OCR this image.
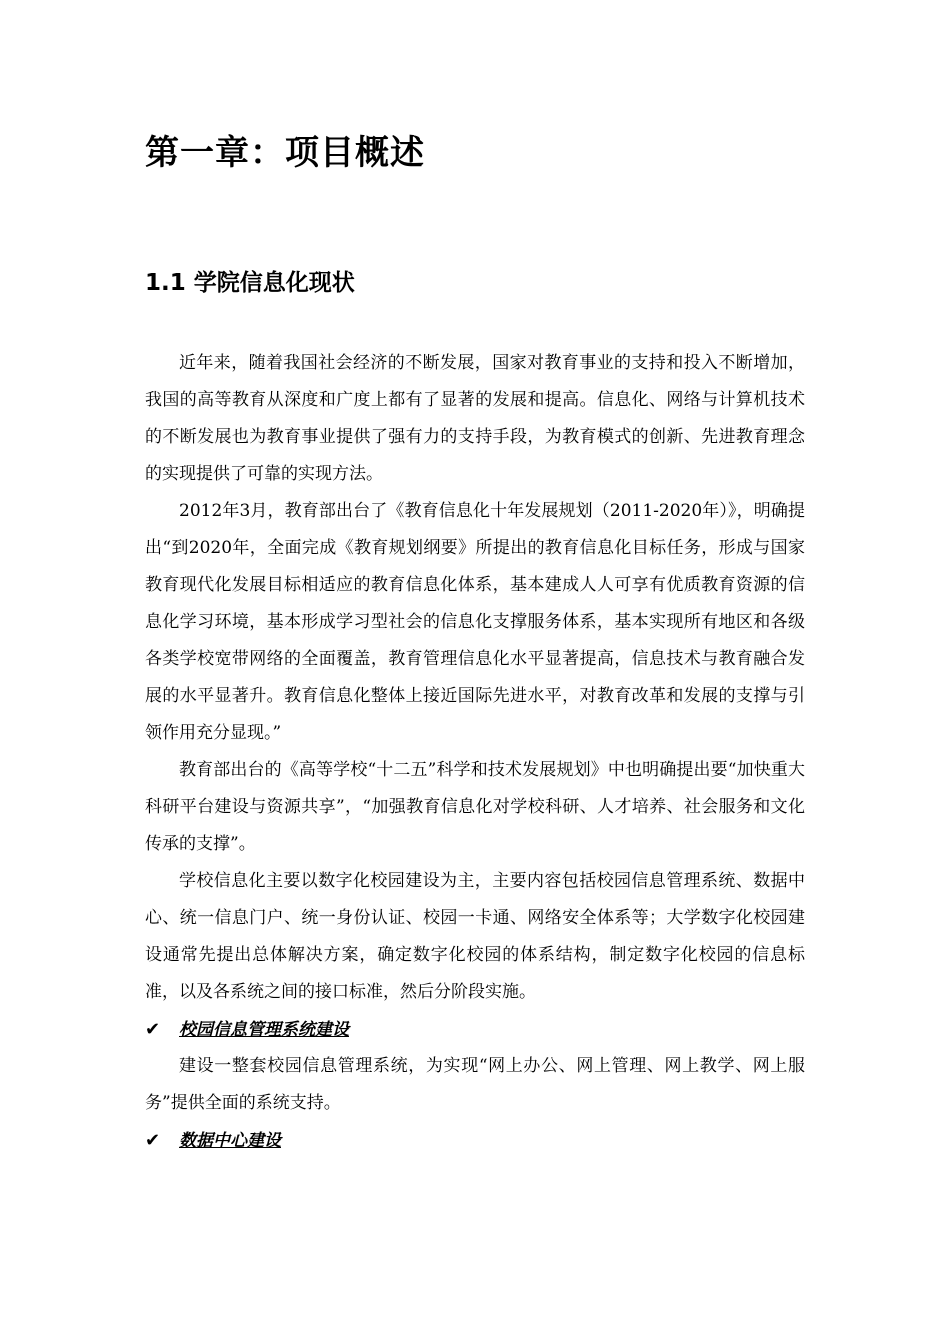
第一章：项目概述
1.1 学院信息化现状

近年来，随着我国社会经济的不断发展，国家对教育事业的支持和投入不断增加，我国的高等教育从深度和广度上都有了显著的发展和提高。信息化、网络与计算机技术的不断发展也为教育事业提供了强有力的支持手段，为教育模式的创新、先进教育理念的实现提供了可靠的实现方法。

2012年3月，教育部出台了《教育信息化十年发展规划（2011-2020年）》，明确提出“到2020年，全面完成《教育规划纲要》所提出的教育信息化目标任务，形成与国家教育现代化发展目标相适应的教育信息化体系，基本建成人人可享有优质教育资源的信息化学习环境，基本形成学习型社会的信息化支撑服务体系，基本实现所有地区和各级各类学校宽带网络的全面覆盖，教育管理信息化水平显著提高，信息技术与教育融合发展的水平显著升。教育信息化整体上接近国际先进水平，对教育改革和发展的支撑与引领作用充分显现。”

教育部出台的《高等学校“十二五”科学和技术发展规划》中也明确提出要“加快重大科研平台建设与资源共享”，“加强教育信息化对学校科研、人才培养、社会服务和文化传承的支撑”。

学校信息化主要以数字化校园建设为主，主要内容包括校园信息管理系统、数据中心、统一信息门户、统一身份认证、校园一卡通、网络安全体系等；大学数字化校园建设通常先提出总体解决方案，确定数字化校园的体系结构，制定数字化校园的信息标准，以及各系统之间的接口标准，然后分阶段实施。

✔ 校园信息管理系统建设

建设一整套校园信息管理系统，为实现“网上办公、网上管理、网上教学、网上服务”提供全面的系统支持。

✔ 数据中心建设
